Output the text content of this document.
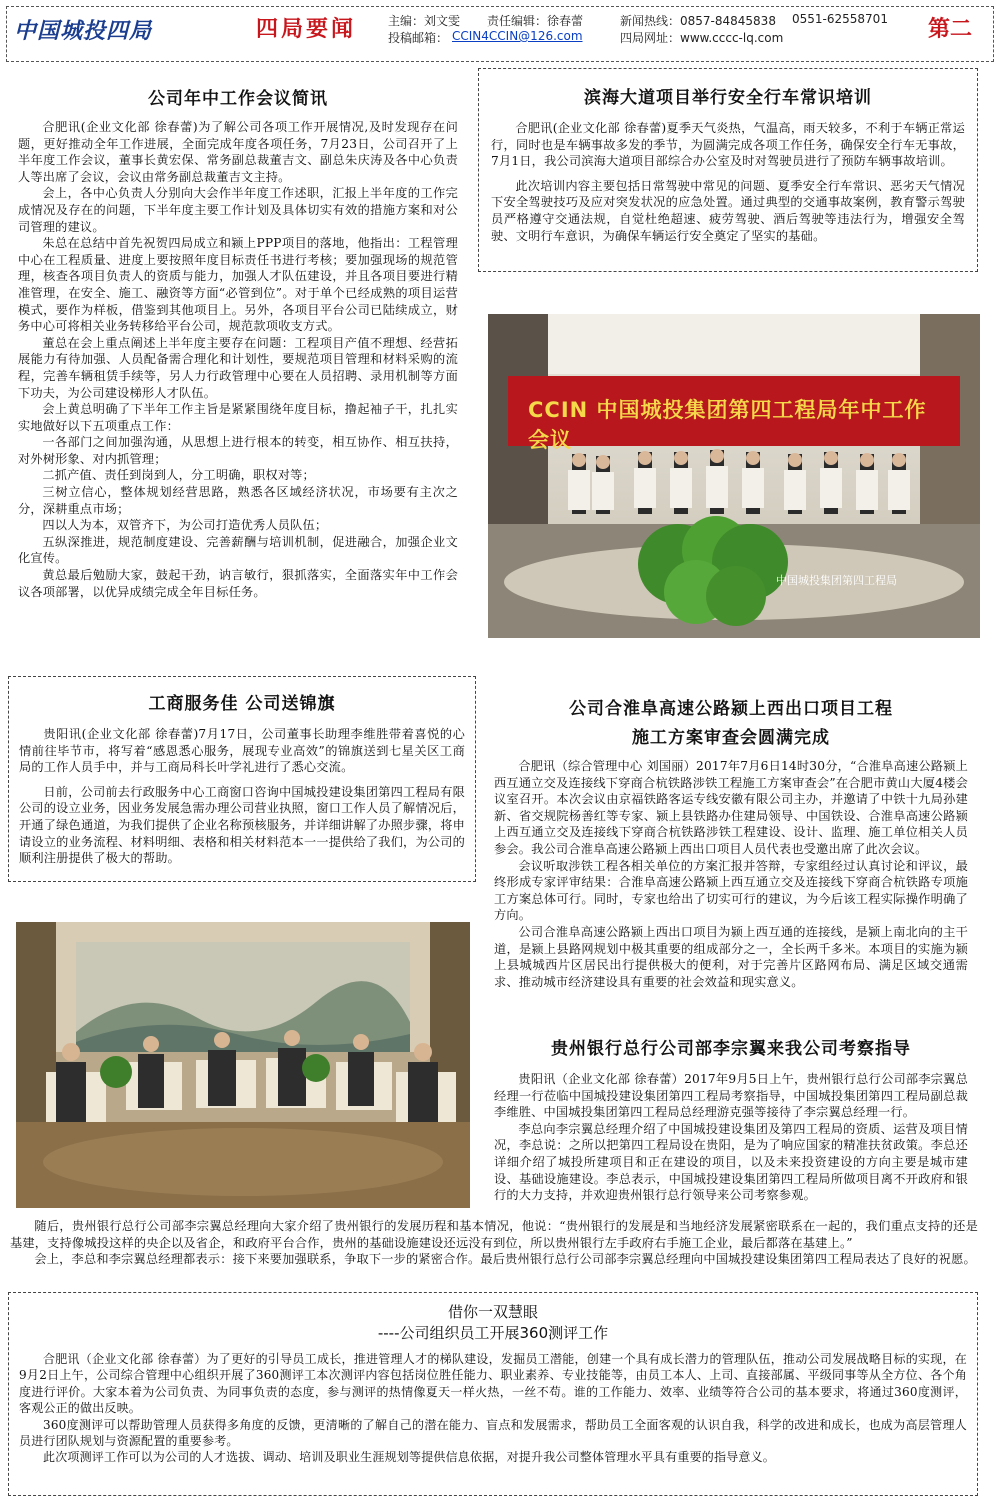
中国城投四局	四局要闻	主编：刘文雯 责任编辑：徐春蕾
投稿邮箱： CCIN4CCIN@126.com
新闻热线：0857-84845838 0551-62558701
四局网址：www.cccc-lq.com	第二
公司年中工作会议简讯

合肥讯(企业文化部 徐春蕾)为了解公司各项工作开展情况,及时发现存在问题，更好推动全年工作进展，全面完成年度各项任务，7月23日，公司召开了上半年度工作会议，董事长黄宏保、常务副总裁董吉文、副总朱庆涛及各中心负责人等出席了会议，会议由常务副总裁董吉文主持。

会上，各中心负责人分别向大会作半年度工作述职，汇报上半年度的工作完成情况及存在的问题，下半年度主要工作计划及具体切实有效的措施方案和对公司管理的建议。

朱总在总结中首先祝贺四局成立和颍上PPP项目的落地，他指出：工程管理中心在工程质量、进度上要按照年度目标责任书进行考核；要加强现场的规范管理，核查各项目负责人的资质与能力，加强人才队伍建设，并且各项目要进行精准管理，在安全、施工、融资等方面“必管到位”。对于单个已经成熟的项目运营模式，要作为样板，借鉴到其他项目上。另外，各项目平台公司已陆续成立，财务中心可将相关业务转移给平台公司，规范款项收支方式。

董总在会上重点阐述上半年度主要存在问题：工程项目产值不理想、经营拓展能力有待加强、人员配备需合理化和计划性，要规范项目管理和材料采购的流程，完善车辆租赁手续等，另人力行政管理中心要在人员招聘、录用机制等方面下功夫，为公司建设梯形人才队伍。

会上黄总明确了下半年工作主旨是紧紧围绕年度目标，撸起袖子干，扎扎实实地做好以下五项重点工作：

一各部门之间加强沟通，从思想上进行根本的转变，相互协作、相互扶持，对外树形象、对内抓管理；

二抓产值、责任到岗到人，分工明确，职权对等；

三树立信心，整体规划经营思路，熟悉各区域经济状况，市场要有主次之分，深耕重点市场；

四以人为本，双管齐下，为公司打造优秀人员队伍；

五纵深推进，规范制度建设、完善薪酬与培训机制，促进融合，加强企业文化宣传。

黄总最后勉励大家，鼓起干劲，讷言敏行，狠抓落实，全面落实年中工作会议各项部署，以优异成绩完成全年目标任务。

滨海大道项目举行安全行车常识培训

合肥讯(企业文化部 徐春蕾)夏季天气炎热，气温高，雨天较多，不利于车辆正常运行，同时也是车辆事故多发的季节，为圆满完成各项工作任务，确保安全行车无事故，7月1日，我公司滨海大道项目部综合办公室及时对驾驶员进行了预防车辆事故培训。

此次培训内容主要包括日常驾驶中常见的问题、夏季安全行车常识、恶劣天气情况下安全驾驶技巧及应对突发状况的应急处置。通过典型的交通事故案例，教育警示驾驶员严格遵守交通法规，自觉杜绝超速、疲劳驾驶、酒后驾驶等违法行为，增强安全驾驶、文明行车意识，为确保车辆运行安全奠定了坚实的基础。

CCIN 中国城投集团第四工程局年中工作会议
中国城投集团第四工程局
工商服务佳 公司送锦旗

贵阳讯(企业文化部 徐春蕾)7月17日，公司董事长助理李维胜带着喜悦的心情前往毕节市，将写着“感恩悉心服务，展现专业高效”的锦旗送到七星关区工商局的工作人员手中，并与工商局科长叶学礼进行了悉心交流。

日前，公司前去行政服务中心工商窗口咨询中国城投建设集团第四工程局有限公司的设立业务，因业务发展急需办理公司营业执照，窗口工作人员了解情况后，开通了绿色通道，为我们提供了企业名称预核服务，并详细讲解了办照步骤，将申请设立的业务流程、材料明细、表格和相关材料范本一一提供给了我们，为公司的顺利注册提供了极大的帮助。

公司合淮阜高速公路颍上西出口项目工程
施工方案审查会圆满完成

合肥讯（综合管理中心 刘国丽）2017年7月6日14时30分，“合淮阜高速公路颍上西互通立交及连接线下穿商合杭铁路涉铁工程施工方案审查会”在合肥市黄山大厦4楼会议室召开。本次会议由京福铁路客运专线安徽有限公司主办，并邀请了中铁十九局孙建新、省交规院杨善红等专家、颍上县铁路办住建局领导、中国铁设、合淮阜高速公路颍上西互通立交及连接线下穿商合杭铁路涉铁工程建设、设计、监理、施工单位相关人员参会。我公司合淮阜高速公路颍上西出口项目人员代表也受邀出席了此次会议。

会议听取涉铁工程各相关单位的方案汇报并答辩，专家组经过认真讨论和评议，最终形成专家评审结果：合淮阜高速公路颍上西互通立交及连接线下穿商合杭铁路专项施工方案总体可行。同时，专家也给出了切实可行的建议，为今后该工程实际操作明确了方向。

公司合淮阜高速公路颍上西出口项目为颍上西互通的连接线，是颍上南北向的主干道，是颍上县路网规划中极其重要的组成部分之一，全长两千多米。本项目的实施为颍上县城城西片区居民出行提供极大的便利，对于完善片区路网布局、满足区域交通需求、推动城市经济建设具有重要的社会效益和现实意义。

贵州银行总行公司部李宗翼来我公司考察指导

贵阳讯（企业文化部 徐春蕾）2017年9月5日上午，贵州银行总行公司部李宗翼总经理一行莅临中国城投建设集团第四工程局考察指导，中国城投集团第四工程局副总裁李维胜、中国城投集团第四工程局总经理游克强等接待了李宗翼总经理一行。

李总向李宗翼总经理介绍了中国城投建设集团及第四工程局的资质、运营及项目情况，李总说：之所以把第四工程局设在贵阳，是为了响应国家的精准扶贫政策。李总还详细介绍了城投所建项目和正在建设的项目，以及未来投资建设的方向主要是城市建设、基础设施建设。李总表示，中国城投建设集团第四工程局所做项目离不开政府和银行的大力支持，并欢迎贵州银行总行领导来公司考察参观。

随后，贵州银行总行公司部李宗翼总经理向大家介绍了贵州银行的发展历程和基本情况，他说：“贵州银行的发展是和当地经济发展紧密联系在一起的，我们重点支持的还是基建，支持像城投这样的央企以及省企，和政府平台合作，贵州的基础设施建设还远没有到位，所以贵州银行左手政府右手施工企业，最后都落在基建上。”

会上，李总和李宗翼总经理都表示：接下来要加强联系，争取下一步的紧密合作。最后贵州银行总行公司部李宗翼总经理向中国城投建设集团第四工程局表达了良好的祝愿。

借你一双慧眼
----公司组织员工开展360测评工作

合肥讯（企业文化部 徐春蕾）为了更好的引导员工成长，推进管理人才的梯队建设，发掘员工潜能，创建一个具有成长潜力的管理队伍，推动公司发展战略目标的实现，在9月2日上午，公司综合管理中心组织开展了360测评工本次测评内容包括岗位胜任能力、职业素养、专业技能等，由员工本人、上司、直接部属、平级同事等从全方位、各个角度进行评价。大家本着为公司负责、为同事负责的态度，参与测评的热情像夏天一样火热，一丝不苟。谁的工作能力、效率、业绩等符合公司的基本要求，将通过360度测评，客观公正的做出反映。

360度测评可以帮助管理人员获得多角度的反馈，更清晰的了解自己的潜在能力、盲点和发展需求，帮助员工全面客观的认识自我，科学的改进和成长，也成为高层管理人员进行团队规划与资源配置的重要参考。

此次项测评工作可以为公司的人才选拔、调动、培训及职业生涯规划等提供信息依据，对提升我公司整体管理水平具有重要的指导意义。
